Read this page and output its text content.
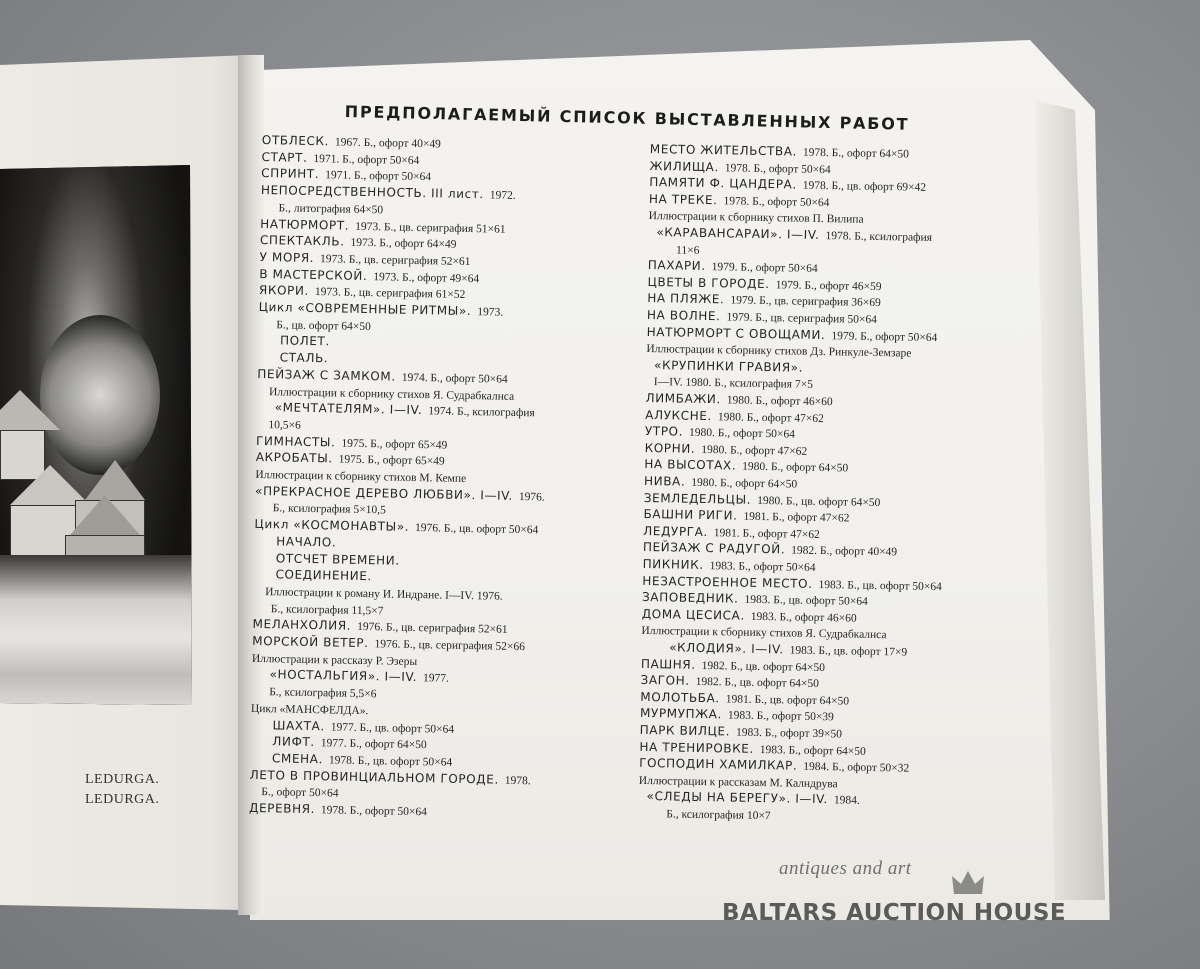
LEDURGA.
LEDURGA.
ПРЕДПОЛАГАЕМЫЙ СПИСОК ВЫСТАВЛЕННЫХ РАБОТ
ОТБЛЕСК. 1967. Б., офорт 40×49
СТАРТ. 1971. Б., офорт 50×64
СПРИНТ. 1971. Б., офорт 50×64
НЕПОСРЕДСТВЕННОСТЬ. III лист. 1972.
Б., литография 64×50
НАТЮРМОРТ. 1973. Б., цв. сериграфия 51×61
СПЕКТАКЛЬ. 1973. Б., офорт 64×49
У МОРЯ. 1973. Б., цв. сериграфия 52×61
В МАСТЕРСКОЙ. 1973. Б., офорт 49×64
ЯКОРИ. 1973. Б., цв. сериграфия 61×52
Цикл «СОВРЕМЕННЫЕ РИТМЫ». 1973.
Б., цв. офорт 64×50
ПОЛЕТ.
СТАЛЬ.
ПЕЙЗАЖ С ЗАМКОМ. 1974. Б., офорт 50×64
Иллюстрации к сборнику стихов Я. Судрабкалнса
«МЕЧТАТЕЛЯМ». I—IV. 1974. Б., ксилография
10,5×6
ГИМНАСТЫ. 1975. Б., офорт 65×49
АКРОБАТЫ. 1975. Б., офорт 65×49
Иллюстрации к сборнику стихов М. Кемпе
«ПРЕКРАСНОЕ ДЕРЕВО ЛЮБВИ». I—IV. 1976.
Б., ксилография 5×10,5
Цикл «КОСМОНАВТЫ». 1976. Б., цв. офорт 50×64
НАЧАЛО.
ОТСЧЕТ ВРЕМЕНИ.
СОЕДИНЕНИЕ.
Иллюстрации к роману И. Индране. I—IV. 1976.
Б., ксилография 11,5×7
МЕЛАНХОЛИЯ. 1976. Б., цв. сериграфия 52×61
МОРСКОЙ ВЕТЕР. 1976. Б., цв. сериграфия 52×66
Иллюстрации к рассказу Р. Эзеры
«НОСТАЛЬГИЯ». I—IV. 1977.
Б., ксилография 5,5×6
Цикл «МАНСФЕЛДА».
ШАХТА. 1977. Б., цв. офорт 50×64
ЛИФТ. 1977. Б., офорт 64×50
СМЕНА. 1978. Б., цв. офорт 50×64
ЛЕТО В ПРОВИНЦИАЛЬНОМ ГОРОДЕ. 1978.
Б., офорт 50×64
ДЕРЕВНЯ. 1978. Б., офорт 50×64
МЕСТО ЖИТЕЛЬСТВА. 1978. Б., офорт 64×50
ЖИЛИЩА. 1978. Б., офорт 50×64
ПАМЯТИ Ф. ЦАНДЕРА. 1978. Б., цв. офорт 69×42
НА ТРЕКЕ. 1978. Б., офорт 50×64
Иллюстрации к сборнику стихов П. Вилипа
«КАРАВАНСАРАИ». I—IV. 1978. Б., ксилография
11×6
ПАХАРИ. 1979. Б., офорт 50×64
ЦВЕТЫ В ГОРОДЕ. 1979. Б., офорт 46×59
НА ПЛЯЖЕ. 1979. Б., цв. сериграфия 36×69
НА ВОЛНЕ. 1979. Б., цв. сериграфия 50×64
НАТЮРМОРТ С ОВОЩАМИ. 1979. Б., офорт 50×64
Иллюстрации к сборнику стихов Дз. Ринкуле-Земзаре
«КРУПИНКИ ГРАВИЯ».
I—IV. 1980. Б., ксилография 7×5
ЛИМБАЖИ. 1980. Б., офорт 46×60
АЛУКСНЕ. 1980. Б., офорт 47×62
УТРО. 1980. Б., офорт 50×64
КОРНИ. 1980. Б., офорт 47×62
НА ВЫСОТАХ. 1980. Б., офорт 64×50
НИВА. 1980. Б., офорт 64×50
ЗЕМЛЕДЕЛЬЦЫ. 1980. Б., цв. офорт 64×50
БАШНИ РИГИ. 1981. Б., офорт 47×62
ЛЕДУРГА. 1981. Б., офорт 47×62
ПЕЙЗАЖ С РАДУГОЙ. 1982. Б., офорт 40×49
ПИКНИК. 1983. Б., офорт 50×64
НЕЗАСТРОЕННОЕ МЕСТО. 1983. Б., цв. офорт 50×64
ЗАПОВЕДНИК. 1983. Б., цв. офорт 50×64
ДОМА ЦЕСИСА. 1983. Б., офорт 46×60
Иллюстрации к сборнику стихов Я. Судрабкалнса
«КЛОДИЯ». I—IV. 1983. Б., цв. офорт 17×9
ПАШНЯ. 1982. Б., цв. офорт 64×50
ЗАГОН. 1982. Б., цв. офорт 64×50
МОЛОТЬБА. 1981. Б., цв. офорт 64×50
МУРМУПЖА. 1983. Б., офорт 50×39
ПАРК ВИЛЦЕ. 1983. Б., офорт 39×50
НА ТРЕНИРОВКЕ. 1983. Б., офорт 64×50
ГОСПОДИН ХАМИЛКАР. 1984. Б., офорт 50×32
Иллюстрации к рассказам М. Калндрува
«СЛЕДЫ НА БЕРЕГУ». I—IV. 1984.
Б., ксилография 10×7
antiques and art
BALTARS AUCTION HOUSE
